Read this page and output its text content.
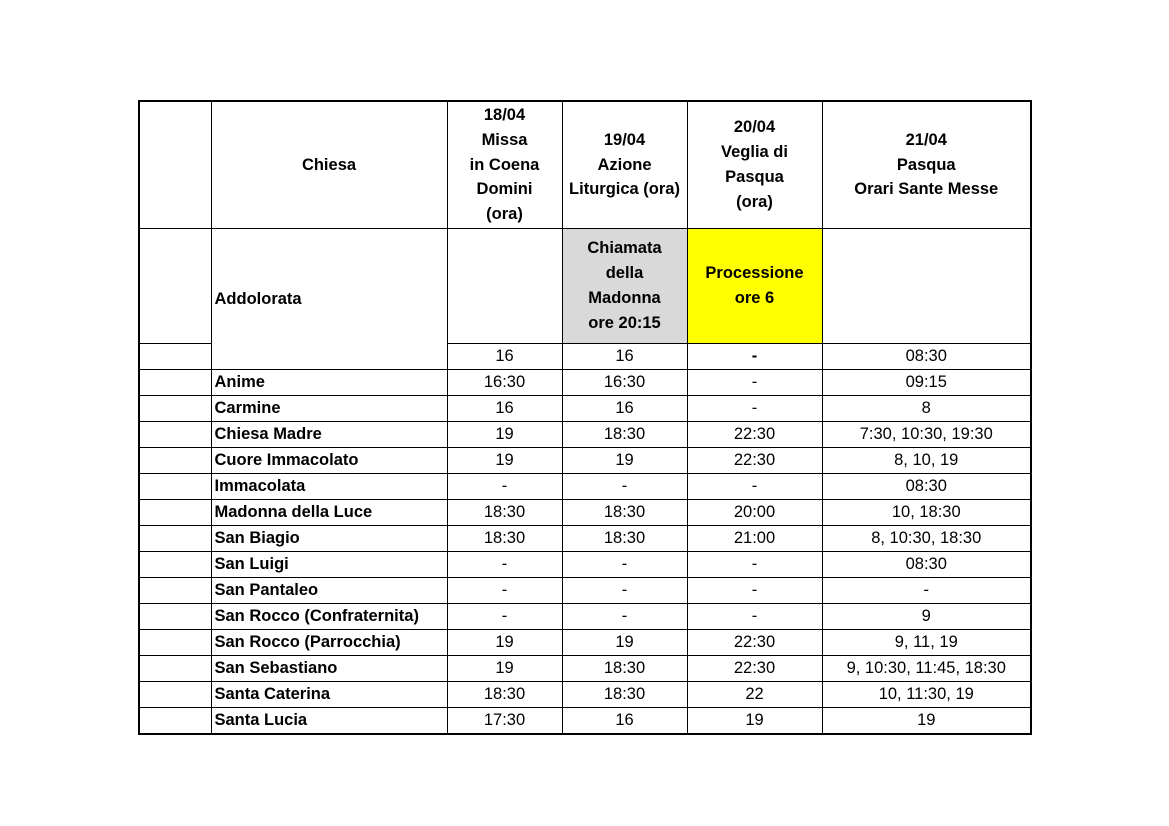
	Chiesa	18/04
Missa
in Coena
Domini
(ora)	19/04
Azione
Liturgica (ora)	20/04
Veglia di
Pasqua
(ora)	21/04
Pasqua
Orari Sante Messe

	Addolorata		Chiamata
della
Madonna
ore 20:15	Processione
ore 6	

		16	16	-	08:30
	Anime	16:30	16:30	-	09:15
	Carmine	16	16	-	8
	Chiesa Madre	19	18:30	22:30	7:30, 10:30, 19:30
	Cuore Immacolato	19	19	22:30	8, 10, 19
	Immacolata	-	-	-	08:30
	Madonna della Luce	18:30	18:30	20:00	10, 18:30
	San Biagio	18:30	18:30	21:00	8, 10:30, 18:30
	San Luigi	-	-	-	08:30
	San Pantaleo	-	-	-	-
	San Rocco (Confraternita)	-	-	-	9
	San Rocco (Parrocchia)	19	19	22:30	9, 11, 19
	San Sebastiano	19	18:30	22:30	9, 10:30, 11:45, 18:30
	Santa Caterina	18:30	18:30	22	10, 11:30, 19
	Santa Lucia	17:30	16	19	19
